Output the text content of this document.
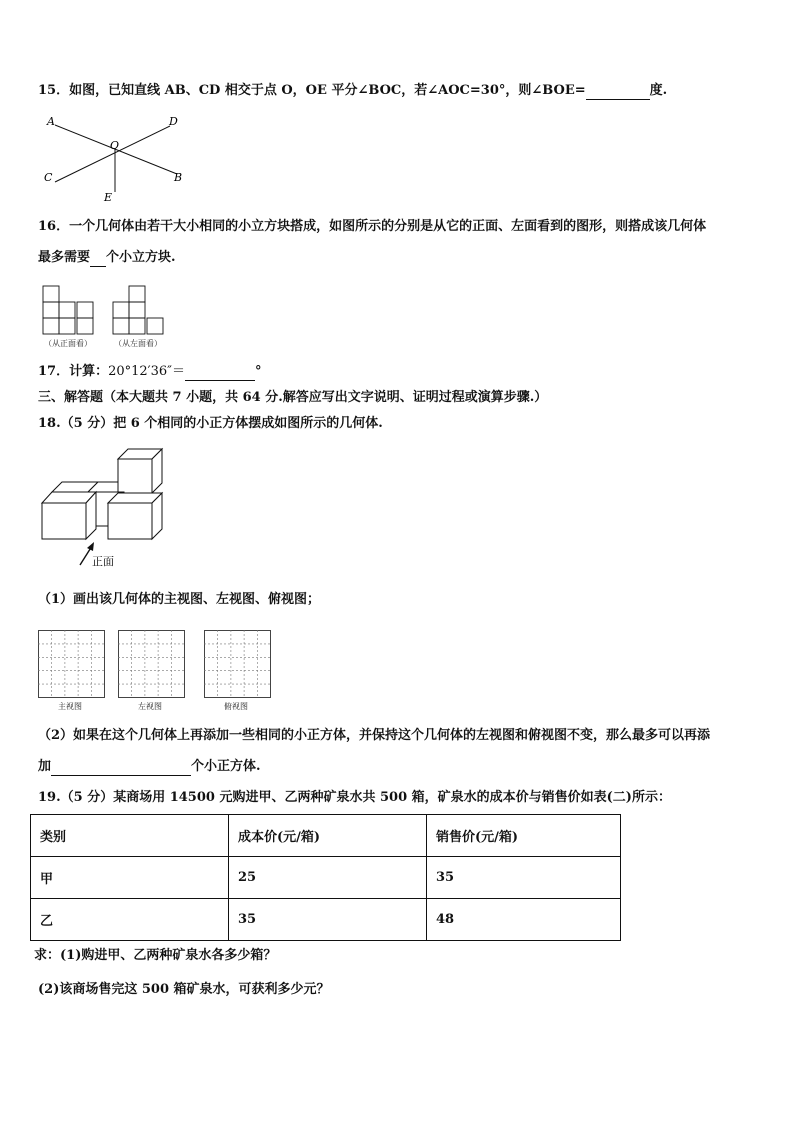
15．如图，已知直线 AB、CD 相交于点 O，OE 平分∠BOC，若∠AOC=30°，则∠BOE=	度.
A	D
O
C	B
E
16．一个几何体由若干大小相同的小立方块搭成，如图所示的分别是从它的正面、左面看到的图形，则搭成该几何体
最多需要 个小立方块.
（从正面看）	（从左面看）
17．计算：20°12′36″＝	°
三、解答题（本大题共 7 小题，共 64 分.解答应写出文字说明、证明过程或演算步骤.）
18.（5 分）把 6 个相同的小正方体摆成如图所示的几何体.
正面
（1）画出该几何体的主视图、左视图、俯视图；
主视图	左视图	俯视图
（2）如果在这个几何体上再添加一些相同的小正方体，并保持这个几何体的左视图和俯视图不变，那么最多可以再添
加	个小正方体.
19.（5 分）某商场用 14500 元购进甲、乙两种矿泉水共 500 箱，矿泉水的成本价与销售价如表(二)所示：
类别	成本价(元/箱)	销售价(元/箱)
甲	25	35
乙	35	48
求：(1)购进甲、乙两种矿泉水各多少箱？
(2)该商场售完这 500 箱矿泉水，可获利多少元？
